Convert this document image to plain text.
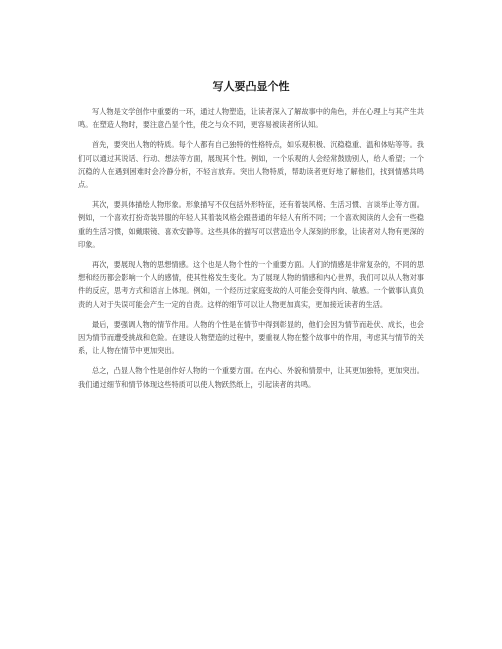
写人要凸显个性

写人物是文学创作中重要的一环，通过人物塑造，让读者深入了解故事中的角色，并在心理上与其产生共鸣。在塑造人物时，要注意凸显个性，使之与众不同，更容易被读者所认知。

首先，要突出人物的特质。每个人都有自己独特的性格特点，如乐观积极、沉稳稳重、温和体贴等等。我们可以通过其说话、行动、想法等方面，展现其个性。例如，一个乐观的人会经常鼓励别人，给人希望；一个沉稳的人在遇到困难时会冷静分析，不轻言放弃。突出人物特质，帮助读者更好地了解他们，找到情感共鸣点。

其次，要具体描绘人物形象。形象描写不仅包括外形特征，还有着装风格、生活习惯、言谈举止等方面。例如，一个喜欢打扮奇装异服的年轻人其着装风格会跟普通的年轻人有所不同；一个喜欢阅读的人会有一些稳重的生活习惯，如戴眼镜、喜欢安静等。这些具体的描写可以营造出令人深刻的形象，让读者对人物有更深的印象。

再次，要展现人物的思想情感。这个也是人物个性的一个重要方面。人们的情感是非常复杂的，不同的思想和经历都会影响一个人的感情，使其性格发生变化。为了展现人物的情感和内心世界，我们可以从人物对事件的反应，思考方式和语言上体现。例如，一个经历过家庭变故的人可能会变得内向、敏感。一个做事认真负责的人对于失误可能会产生一定的自责。这样的细节可以让人物更加真实，更加接近读者的生活。

最后，要强调人物的情节作用。人物的个性是在情节中得到彰显的，他们会因为情节而赴伏、成长，也会因为情节而遭受挑战和危险。在建设人物塑造的过程中，要重视人物在整个故事中的作用，考虑其与情节的关系，让人物在情节中更加突出。

总之，凸显人物个性是创作好人物的一个重要方面。在内心、外貌和情景中，让其更加独特，更加突出。我们通过细节和情节体现这些特质可以使人物跃然纸上，引起读者的共鸣。
